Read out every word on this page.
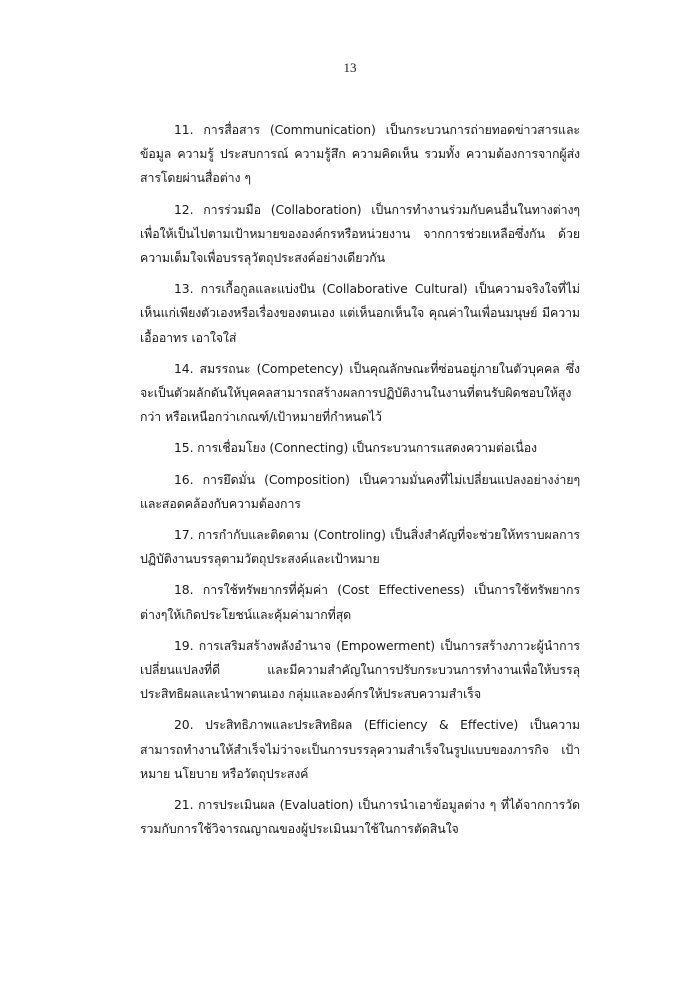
13

11. การสื่อสาร (Communication) เป็นกระบวนการถ่ายทอดข่าวสารและข้อมูล ความรู้ ประสบการณ์ ความรู้สึก ความคิดเห็น รวมทั้ง ความต้องการจากผู้ส่งสารโดยผ่านสื่อต่าง ๆ

12. การร่วมมือ (Collaboration) เป็นการทำงานร่วมกับคนอื่นในทางต่างๆ เพื่อให้เป็นไปตามเป้าหมายขององค์กรหรือหน่วยงาน จากการช่วยเหลือซึ่งกัน ด้วยความเต็มใจเพื่อบรรลุวัตถุประสงค์อย่างเดียวกัน

13. การเกื้อกูลและแบ่งปัน (Collaborative Cultural) เป็นความจริงใจที่ไม่เห็นแก่เพียงตัวเองหรือเรื่องของตนเอง แต่เห็นอกเห็นใจ คุณค่าในเพื่อนมนุษย์ มีความเอื้ออาทร เอาใจใส่

14. สมรรถนะ (Competency) เป็นคุณลักษณะที่ซ่อนอยู่ภายในตัวบุคคล ซึ่งจะเป็นตัวผลักดันให้บุคคลสามารถสร้างผลการปฏิบัติงานในงานที่ตนรับผิดชอบให้สูงกว่า หรือเหนือกว่าเกณฑ์/เป้าหมายที่กำหนดไว้

15. การเชื่อมโยง (Connecting) เป็นกระบวนการแสดงความต่อเนื่อง

16. การยึดมั่น (Composition) เป็นความมั่นคงที่ไม่เปลี่ยนแปลงอย่างง่ายๆ และสอดคล้องกับความต้องการ

17. การกำกับและติดตาม (Controling) เป็นสิ่งสำคัญที่จะช่วยให้ทราบผลการปฏิบัติงานบรรลุตามวัตถุประสงค์และเป้าหมาย

18. การใช้ทรัพยากรที่คุ้มค่า (Cost Effectiveness) เป็นการใช้ทรัพยากรต่างๆให้เกิดประโยชน์และคุ้มค่ามากที่สุด

19. การเสริมสร้างพลังอำนาจ (Empowerment) เป็นการสร้างภาวะผู้นำการเปลี่ยนแปลงที่ดี และมีความสำคัญในการปรับกระบวนการทำงานเพื่อให้บรรลุประสิทธิผลและนำพาตนเอง กลุ่มและองค์กรให้ประสบความสำเร็จ

20. ประสิทธิภาพและประสิทธิผล (Efficiency & Effective) เป็นความสามารถทำงานให้สำเร็จไม่ว่าจะเป็นการบรรลุความสำเร็จในรูปแบบของภารกิจ เป้าหมาย นโยบาย หรือวัตถุประสงค์

21. การประเมินผล (Evaluation) เป็นการนำเอาข้อมูลต่าง ๆ ที่ได้จากการวัดรวมกับการใช้วิจารณญาณของผู้ประเมินมาใช้ในการตัดสินใจ
